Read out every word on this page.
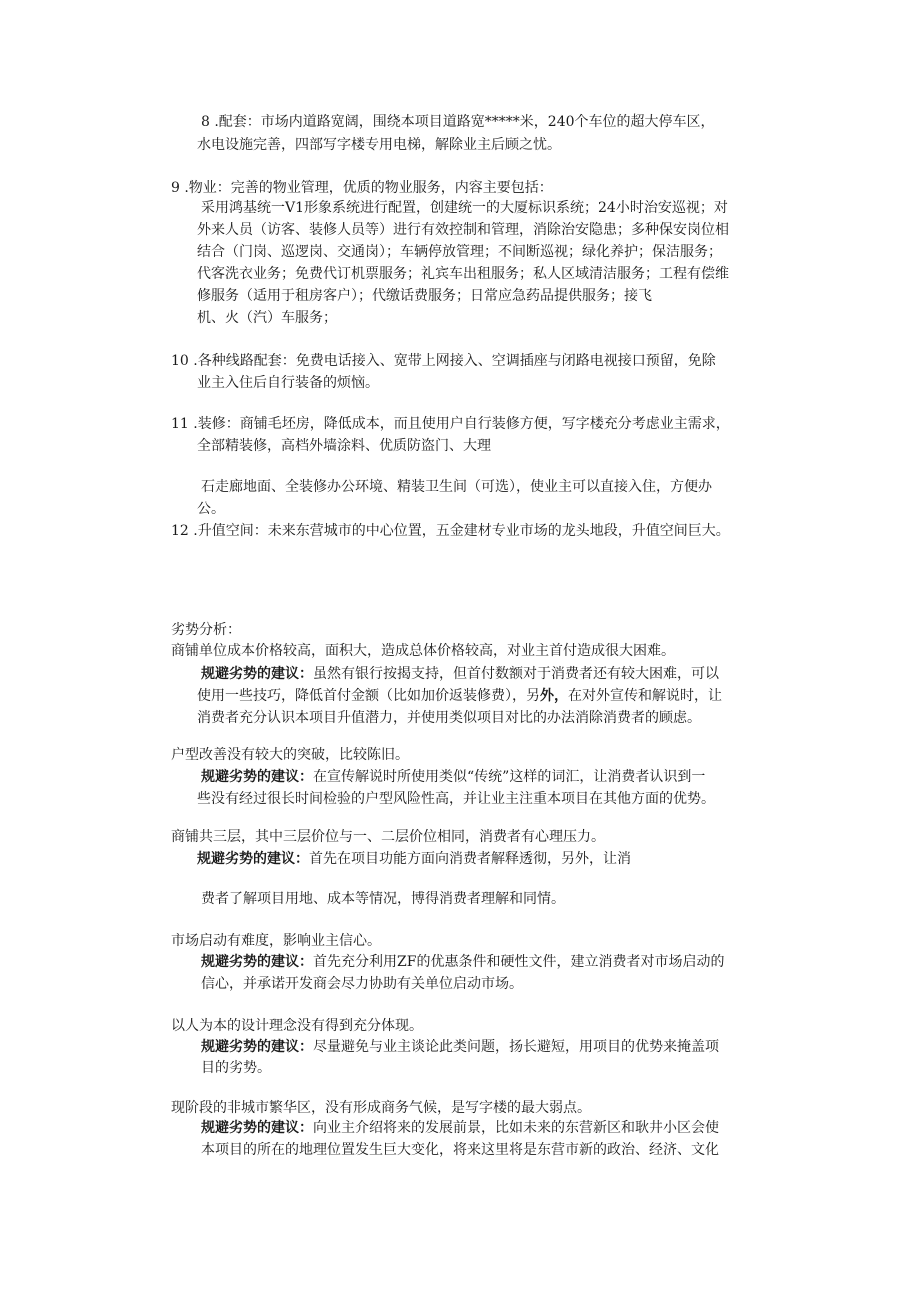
8 .配套：市场内道路宽阔，围绕本项目道路宽*****米，240个车位的超大停车区，
水电设施完善，四部写字楼专用电梯，解除业主后顾之忧。
9 .物业：完善的物业管理，优质的物业服务，内容主要包括：
采用鸿基统一V1形象系统进行配置，创建统一的大厦标识系统；24小时治安巡视；对
外来人员（访客、装修人员等）进行有效控制和管理，消除治安隐患；多种保安岗位相
结合（门岗、巡逻岗、交通岗）；车辆停放管理；不间断巡视；绿化养护；保洁服务；
代客洗衣业务；免费代订机票服务；礼宾车出租服务；私人区域清洁服务；工程有偿维
修服务（适用于租房客户）；代缴话费服务；日常应急药品提供服务；接飞
机、火（汽）车服务；
10 .各种线路配套：免费电话接入、宽带上网接入、空调插座与闭路电视接口预留，免除
业主入住后自行装备的烦恼。
11 .装修：商铺毛坯房，降低成本，而且使用户自行装修方便，写字楼充分考虑业主需求，
全部精装修，高档外墙涂料、优质防盗门、大理
石走廊地面、全装修办公环境、精装卫生间（可选），使业主可以直接入住，方便办
公。
12 .升值空间：未来东营城市的中心位置，五金建材专业市场的龙头地段，升值空间巨大。
劣势分析：
商铺单位成本价格较高，面积大，造成总体价格较高，对业主首付造成很大困难。
规避劣势的建议：虽然有银行按揭支持，但首付数额对于消费者还有较大困难，可以
使用一些技巧，降低首付金额（比如加价返装修费），另外，在对外宣传和解说时，让
消费者充分认识本项目升值潜力，并使用类似项目对比的办法消除消费者的顾虑。
户型改善没有较大的突破，比较陈旧。
规避劣势的建议：在宣传解说时所使用类似“传统”这样的词汇，让消费者认识到一
些没有经过很长时间检验的户型风险性高，并让业主注重本项目在其他方面的优势。
商铺共三层，其中三层价位与一、二层价位相同，消费者有心理压力。
规避劣势的建议：首先在项目功能方面向消费者解释透彻，另外，让消
费者了解项目用地、成本等情况，博得消费者理解和同情。
市场启动有难度，影响业主信心。
规避劣势的建议：首先充分利用ZF的优惠条件和硬性文件，建立消费者对市场启动的
信心，并承诺开发商会尽力协助有关单位启动市场。
以人为本的设计理念没有得到充分体现。
规避劣势的建议：尽量避免与业主谈论此类问题，扬长避短，用项目的优势来掩盖项
目的劣势。
现阶段的非城市繁华区，没有形成商务气候，是写字楼的最大弱点。
规避劣势的建议：向业主介绍将来的发展前景，比如未来的东营新区和耿井小区会使
本项目的所在的地理位置发生巨大变化，将来这里将是东营市新的政治、经济、文化
